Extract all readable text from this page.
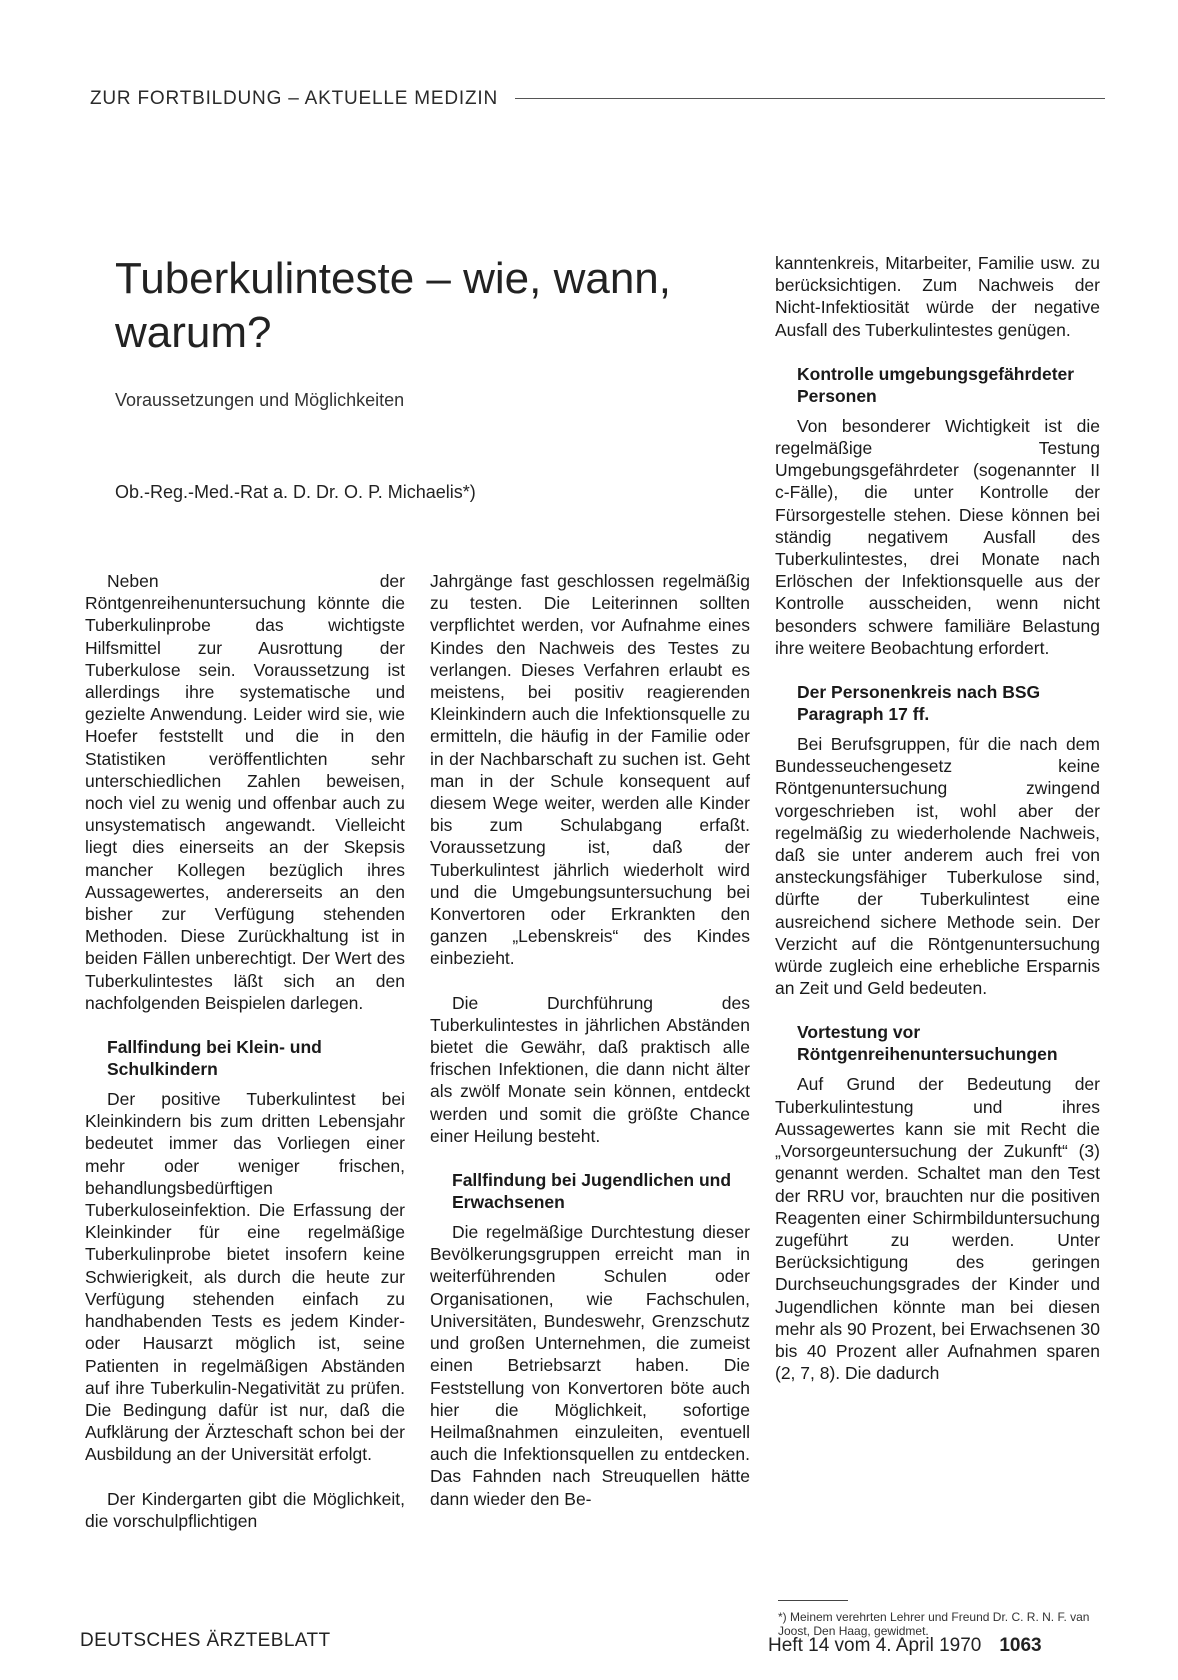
ZUR FORTBILDUNG – AKTUELLE MEDIZIN
Tuberkulinteste – wie, wann, warum?
Voraussetzungen und Möglichkeiten
Ob.-Reg.-Med.-Rat a. D. Dr. O. P. Michaelis*)

Neben der Röntgenreihenuntersuchung könnte die Tuberkulinprobe das wichtigste Hilfsmittel zur Ausrottung der Tuberkulose sein. Voraussetzung ist allerdings ihre systematische und gezielte Anwendung. Leider wird sie, wie Hoefer feststellt und die in den Statistiken veröffentlichten sehr unterschiedlichen Zahlen beweisen, noch viel zu wenig und offenbar auch zu unsystematisch angewandt. Vielleicht liegt dies einerseits an der Skepsis mancher Kollegen bezüglich ihres Aussagewertes, andererseits an den bisher zur Verfügung stehenden Methoden. Diese Zurückhaltung ist in beiden Fällen unberechtigt. Der Wert des Tuberkulintestes läßt sich an den nachfolgenden Beispielen darlegen.

Fallfindung bei Klein- und Schulkindern

Der positive Tuberkulintest bei Kleinkindern bis zum dritten Lebensjahr bedeutet immer das Vorliegen einer mehr oder weniger frischen, behandlungsbedürftigen Tuberkuloseinfektion. Die Erfassung der Kleinkinder für eine regelmäßige Tuberkulinprobe bietet insofern keine Schwierigkeit, als durch die heute zur Verfügung stehenden einfach zu handhabenden Tests es jedem Kinder- oder Hausarzt möglich ist, seine Patienten in regelmäßigen Abständen auf ihre Tuberkulin-Negativität zu prüfen. Die Bedingung dafür ist nur, daß die Aufklärung der Ärzteschaft schon bei der Ausbildung an der Universität erfolgt.

Der Kindergarten gibt die Möglichkeit, die vorschulpflichtigen

Jahrgänge fast geschlossen regelmäßig zu testen. Die Leiterinnen sollten verpflichtet werden, vor Aufnahme eines Kindes den Nachweis des Testes zu verlangen. Dieses Verfahren erlaubt es meistens, bei positiv reagierenden Kleinkindern auch die Infektionsquelle zu ermitteln, die häufig in der Familie oder in der Nachbarschaft zu suchen ist. Geht man in der Schule konsequent auf diesem Wege weiter, werden alle Kinder bis zum Schulabgang erfaßt. Voraussetzung ist, daß der Tuberkulintest jährlich wiederholt wird und die Umgebungsuntersuchung bei Konvertoren oder Erkrankten den ganzen „Lebenskreis“ des Kindes einbezieht.

Die Durchführung des Tuberkulintestes in jährlichen Abständen bietet die Gewähr, daß praktisch alle frischen Infektionen, die dann nicht älter als zwölf Monate sein können, entdeckt werden und somit die größte Chance einer Heilung besteht.

Fallfindung bei Jugendlichen und Erwachsenen

Die regelmäßige Durchtestung dieser Bevölkerungsgruppen erreicht man in weiterführenden Schulen oder Organisationen, wie Fachschulen, Universitäten, Bundeswehr, Grenzschutz und großen Unternehmen, die zumeist einen Betriebsarzt haben. Die Feststellung von Konvertoren böte auch hier die Möglichkeit, sofortige Heilmaßnahmen einzuleiten, eventuell auch die Infektionsquellen zu entdecken. Das Fahnden nach Streuquellen hätte dann wieder den Be-

kanntenkreis, Mitarbeiter, Familie usw. zu berücksichtigen. Zum Nachweis der Nicht-Infektiosität würde der negative Ausfall des Tuberkulintestes genügen.

Kontrolle umgebungsgefährdeter Personen

Von besonderer Wichtigkeit ist die regelmäßige Testung Umgebungsgefährdeter (sogenannter II c-Fälle), die unter Kontrolle der Fürsorgestelle stehen. Diese können bei ständig negativem Ausfall des Tuberkulintestes, drei Monate nach Erlöschen der Infektionsquelle aus der Kontrolle ausscheiden, wenn nicht besonders schwere familiäre Belastung ihre weitere Beobachtung erfordert.

Der Personenkreis nach BSG Paragraph 17 ff.

Bei Berufsgruppen, für die nach dem Bundesseuchengesetz keine Röntgenuntersuchung zwingend vorgeschrieben ist, wohl aber der regelmäßig zu wiederholende Nachweis, daß sie unter anderem auch frei von ansteckungsfähiger Tuberkulose sind, dürfte der Tuberkulintest eine ausreichend sichere Methode sein. Der Verzicht auf die Röntgenuntersuchung würde zugleich eine erhebliche Ersparnis an Zeit und Geld bedeuten.

Vortestung vor Röntgenreihenuntersuchungen

Auf Grund der Bedeutung der Tuberkulintestung und ihres Aussagewertes kann sie mit Recht die „Vorsorgeuntersuchung der Zukunft“ (3) genannt werden. Schaltet man den Test der RRU vor, brauchten nur die positiven Reagenten einer Schirmbilduntersuchung zugeführt zu werden. Unter Berücksichtigung des geringen Durchseuchungsgrades der Kinder und Jugendlichen könnte man bei diesen mehr als 90 Prozent, bei Erwachsenen 30 bis 40 Prozent aller Aufnahmen sparen (2, 7, 8). Die dadurch

*) Meinem verehrten Lehrer und Freund Dr. C. R. N. F. van Joost, Den Haag, gewidmet.
DEUTSCHES ÄRZTEBLATT	Heft 14 vom 4. April 1970 1063
